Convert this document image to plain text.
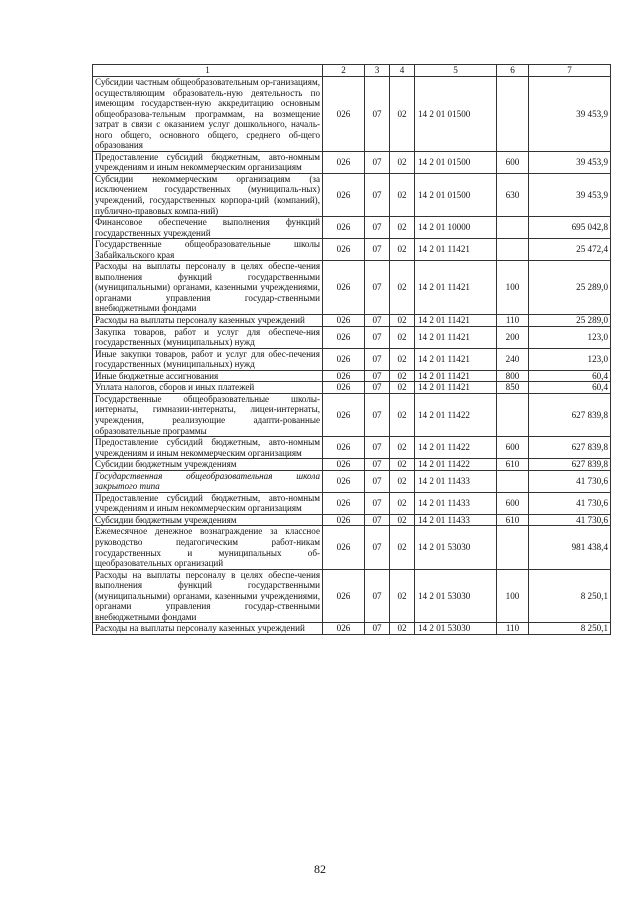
1	2	3	4	5	6	7
Субсидии частным общеобразовательным ор-ганизациям, осуществляющим образователь-ную деятельность по имеющим государствен-ную аккредитацию основным общеобразова-тельным программам, на возмещение затрат в связи с оказанием услуг дошкольного, началь-ного общего, основного общего, среднего об-щего образования	026	07	02	14 2 01 01500		39 453,9
Предоставление субсидий бюджетным, авто-номным учреждениям и иным некоммерческим организациям	026	07	02	14 2 01 01500	600	39 453,9
Субсидии некоммерческим организациям (за исключением государственных (муниципаль-ных) учреждений, государственных корпора-ций (компаний), публично-правовых компа-ний)	026	07	02	14 2 01 01500	630	39 453,9
Финансовое обеспечение выполнения функций государственных учреждений	026	07	02	14 2 01 10000		695 042,8
Государственные общеобразовательные школы Забайкальского края	026	07	02	14 2 01 11421		25 472,4
Расходы на выплаты персоналу в целях обеспе-чения выполнения функций государственными (муниципальными) органами, казенными учреждениями, органами управления государ-ственными внебюджетными фондами	026	07	02	14 2 01 11421	100	25 289,0
Расходы на выплаты персоналу казенных учреждений	026	07	02	14 2 01 11421	110	25 289,0
Закупка товаров, работ и услуг для обеспече-ния государственных (муниципальных) нужд	026	07	02	14 2 01 11421	200	123,0
Иные закупки товаров, работ и услуг для обес-печения государственных (муниципальных) нужд	026	07	02	14 2 01 11421	240	123,0
Иные бюджетные ассигнования	026	07	02	14 2 01 11421	800	60,4
Уплата налогов, сборов и иных платежей	026	07	02	14 2 01 11421	850	60,4
Государственные общеобразовательные школы-интернаты, гимназии-интернаты, лицеи-интернаты, учреждения, реализующие адапти-рованные образовательные программы	026	07	02	14 2 01 11422		627 839,8
Предоставление субсидий бюджетным, авто-номным учреждениям и иным некоммерческим организациям	026	07	02	14 2 01 11422	600	627 839,8
Субсидии бюджетным учреждениям	026	07	02	14 2 01 11422	610	627 839,8
Государственная общеобразовательная школа закрытого типа	026	07	02	14 2 01 11433		41 730,6
Предоставление субсидий бюджетным, авто-номным учреждениям и иным некоммерческим организациям	026	07	02	14 2 01 11433	600	41 730,6
Субсидии бюджетным учреждениям	026	07	02	14 2 01 11433	610	41 730,6
Ежемесячное денежное вознаграждение за классное руководство педагогическим работ-никам государственных и муниципальных об-щеобразовательных организаций	026	07	02	14 2 01 53030		981 438,4
Расходы на выплаты персоналу в целях обеспе-чения выполнения функций государственными (муниципальными) органами, казенными учреждениями, органами управления государ-ственными внебюджетными фондами	026	07	02	14 2 01 53030	100	8 250,1
Расходы на выплаты персоналу казенных учреждений	026	07	02	14 2 01 53030	110	8 250,1
82
